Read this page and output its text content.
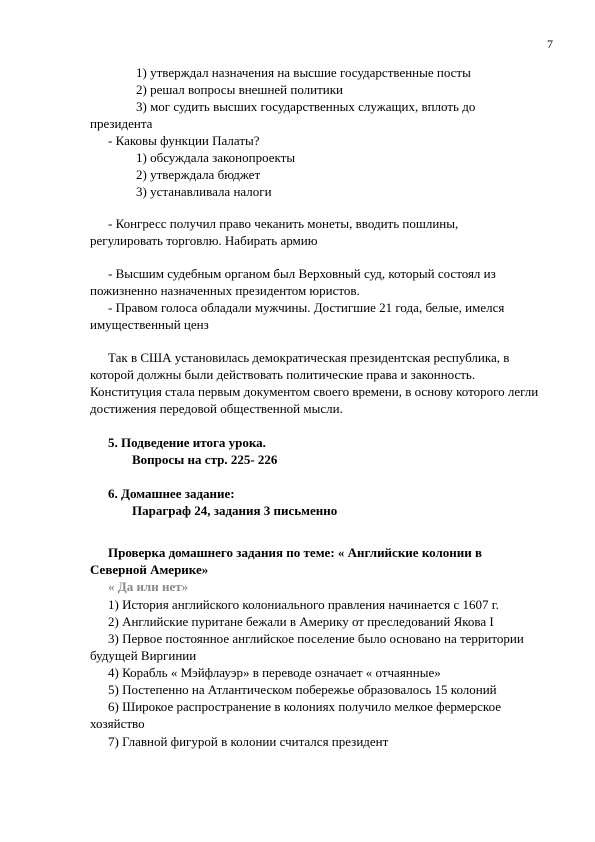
7
1) утверждал назначения на высшие государственные посты
2) решал вопросы внешней политики
3) мог судить высших государственных служащих, вплоть до
президента
- Каковы функции Палаты?
1) обсуждала законопроекты
2) утверждала бюджет
3) устанавливала налоги
- Конгресс получил право чеканить монеты, вводить пошлины,
регулировать торговлю. Набирать армию
- Высшим судебным органом был Верховный суд, который состоял из
пожизненно назначенных президентом юристов.
- Правом голоса обладали мужчины. Достигшие 21 года, белые, имелся
имущественный ценз
Так в США установилась демократическая президентская республика, в
которой должны были действовать политические права и законность.
Конституция стала первым документом своего времени, в основу которого легли
достижения передовой общественной мысли.
5. Подведение итога урока.
Вопросы на стр. 225- 226
6. Домашнее задание:
Параграф 24, задания 3 письменно
Проверка домашнего задания по теме: « Английские колонии в
Северной Америке»
« Да или нет»
1) История английского колониального правления начинается с 1607 г.
2) Английские пуритане бежали в Америку от преследований Якова I
3) Первое постоянное английское поселение было основано на территории
будущей Виргинии
4) Корабль « Мэйфлауэр» в переводе означает « отчаянные»
5) Постепенно на Атлантическом побережье образовалось 15 колоний
6) Широкое распространение в колониях получило мелкое фермерское
хозяйство
7) Главной фигурой в колонии считался президент
